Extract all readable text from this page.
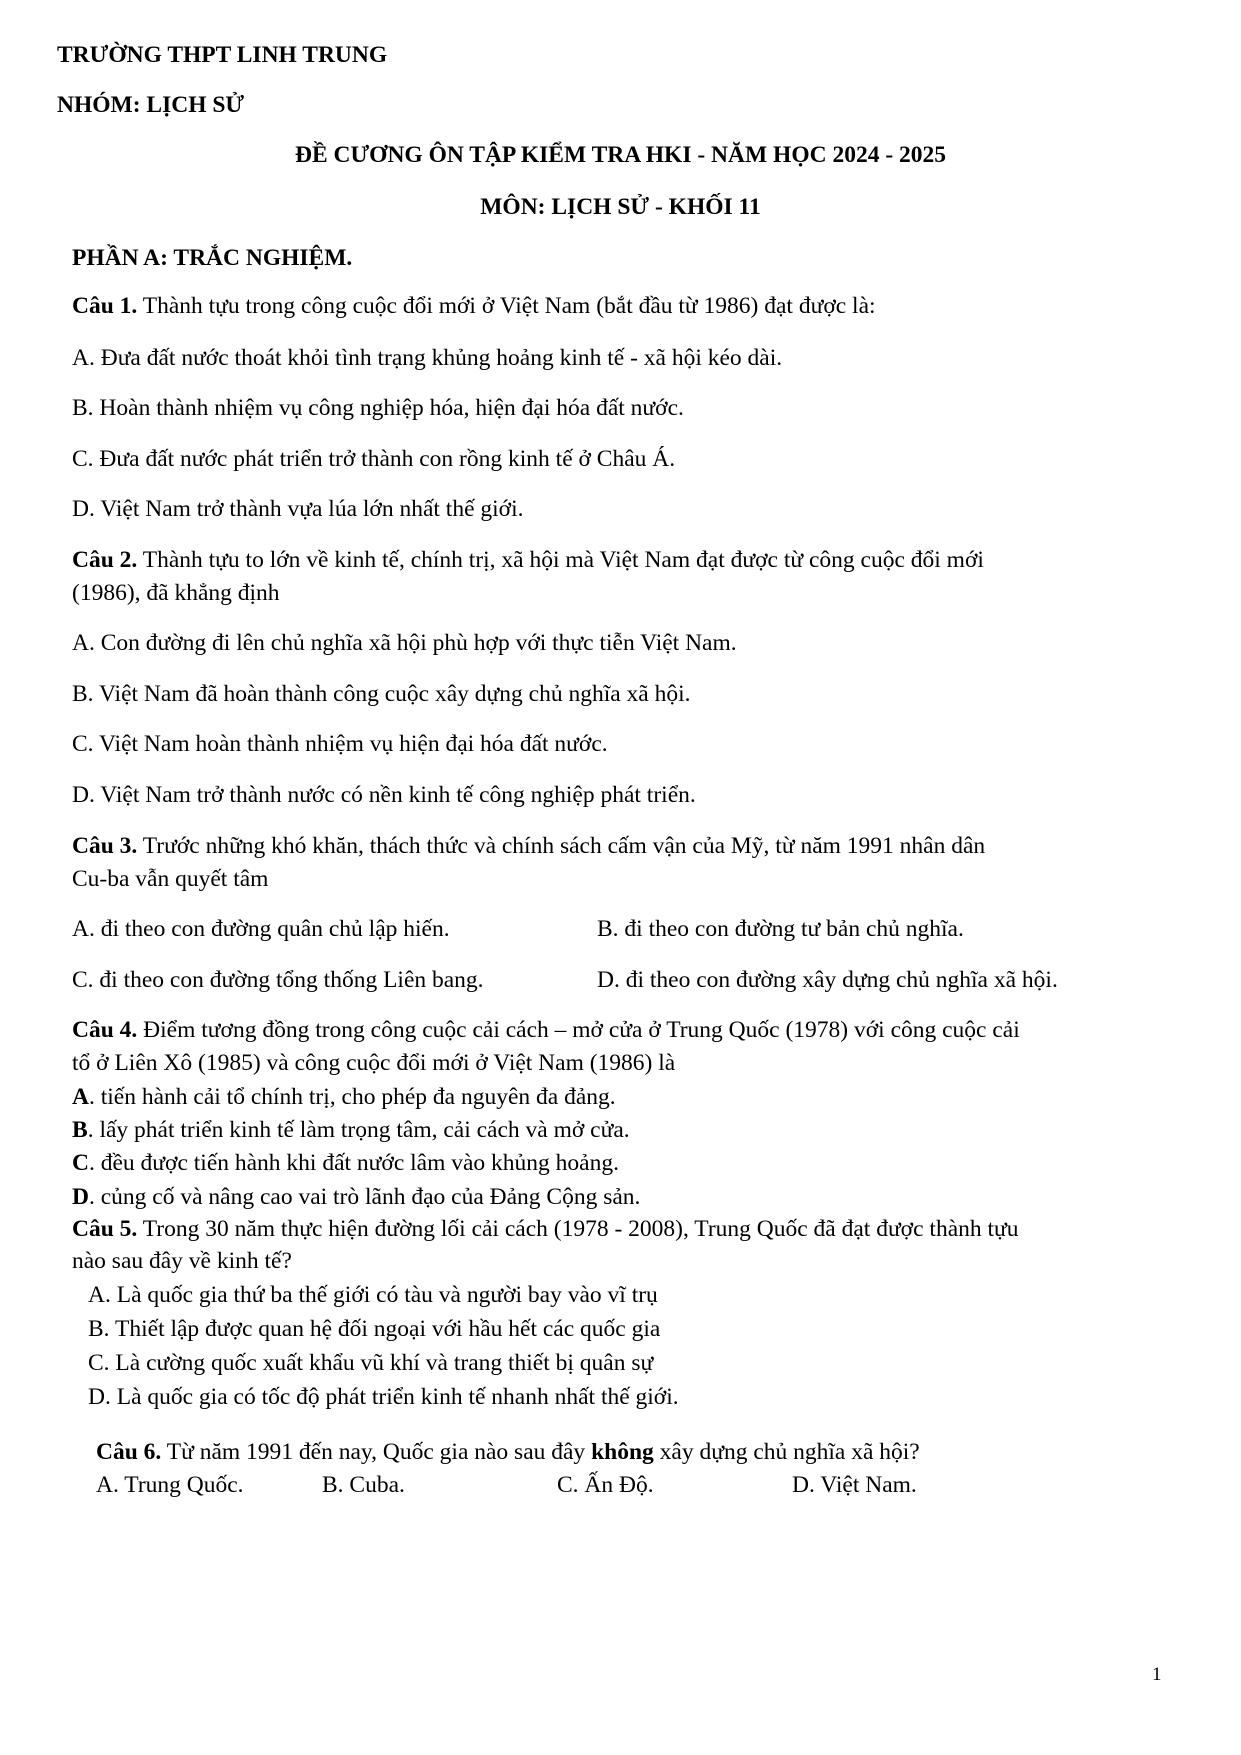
TRƯỜNG THPT LINH TRUNG
NHÓM: LỊCH SỬ
ĐỀ CƯƠNG ÔN TẬP KIỂM TRA HKI - NĂM HỌC 2024 - 2025
MÔN: LỊCH SỬ - KHỐI 11
PHẦN A: TRẮC NGHIỆM.
Câu 1. Thành tựu trong công cuộc đổi mới ở Việt Nam (bắt đầu từ 1986) đạt được là:
A. Đưa đất nước thoát khỏi tình trạng khủng hoảng kinh tế - xã hội kéo dài.
B. Hoàn thành nhiệm vụ công nghiệp hóa, hiện đại hóa đất nước.
C. Đưa đất nước phát triển trở thành con rồng kinh tế ở Châu Á.
D. Việt Nam trở thành vựa lúa lớn nhất thế giới.
Câu 2. Thành tựu to lớn về kinh tế, chính trị, xã hội mà Việt Nam đạt được từ công cuộc đổi mới
(1986), đã khẳng định
A. Con đường đi lên chủ nghĩa xã hội phù hợp với thực tiễn Việt Nam.
B. Việt Nam đã hoàn thành công cuộc xây dựng chủ nghĩa xã hội.
C. Việt Nam hoàn thành nhiệm vụ hiện đại hóa đất nước.
D. Việt Nam trở thành nước có nền kinh tế công nghiệp phát triển.
Câu 3. Trước những khó khăn, thách thức và chính sách cấm vận của Mỹ, từ năm 1991 nhân dân
Cu-ba vẫn quyết tâm
A. đi theo con đường quân chủ lập hiến.	B. đi theo con đường tư bản chủ nghĩa.
C. đi theo con đường tổng thống Liên bang.	D. đi theo con đường xây dựng chủ nghĩa xã hội.
Câu 4. Điểm tương đồng trong công cuộc cải cách – mở cửa ở Trung Quốc (1978) với công cuộc cải
tổ ở Liên Xô (1985) và công cuộc đổi mới ở Việt Nam (1986) là
A. tiến hành cải tổ chính trị, cho phép đa nguyên đa đảng.
B. lấy phát triển kinh tế làm trọng tâm, cải cách và mở cửa.
C. đều được tiến hành khi đất nước lâm vào khủng hoảng.
D. củng cố và nâng cao vai trò lãnh đạo của Đảng Cộng sản.
Câu 5. Trong 30 năm thực hiện đường lối cải cách (1978 - 2008), Trung Quốc đã đạt được thành tựu
nào sau đây về kinh tế?
A. Là quốc gia thứ ba thế giới có tàu và người bay vào vĩ trụ
B. Thiết lập được quan hệ đối ngoại với hầu hết các quốc gia
C. Là cường quốc xuất khẩu vũ khí và trang thiết bị quân sự
D. Là quốc gia có tốc độ phát triển kinh tế nhanh nhất thế giới.
Câu 6. Từ năm 1991 đến nay, Quốc gia nào sau đây không xây dựng chủ nghĩa xã hội?
A. Trung Quốc.	B. Cuba.	C. Ấn Độ.	D. Việt Nam.
1
